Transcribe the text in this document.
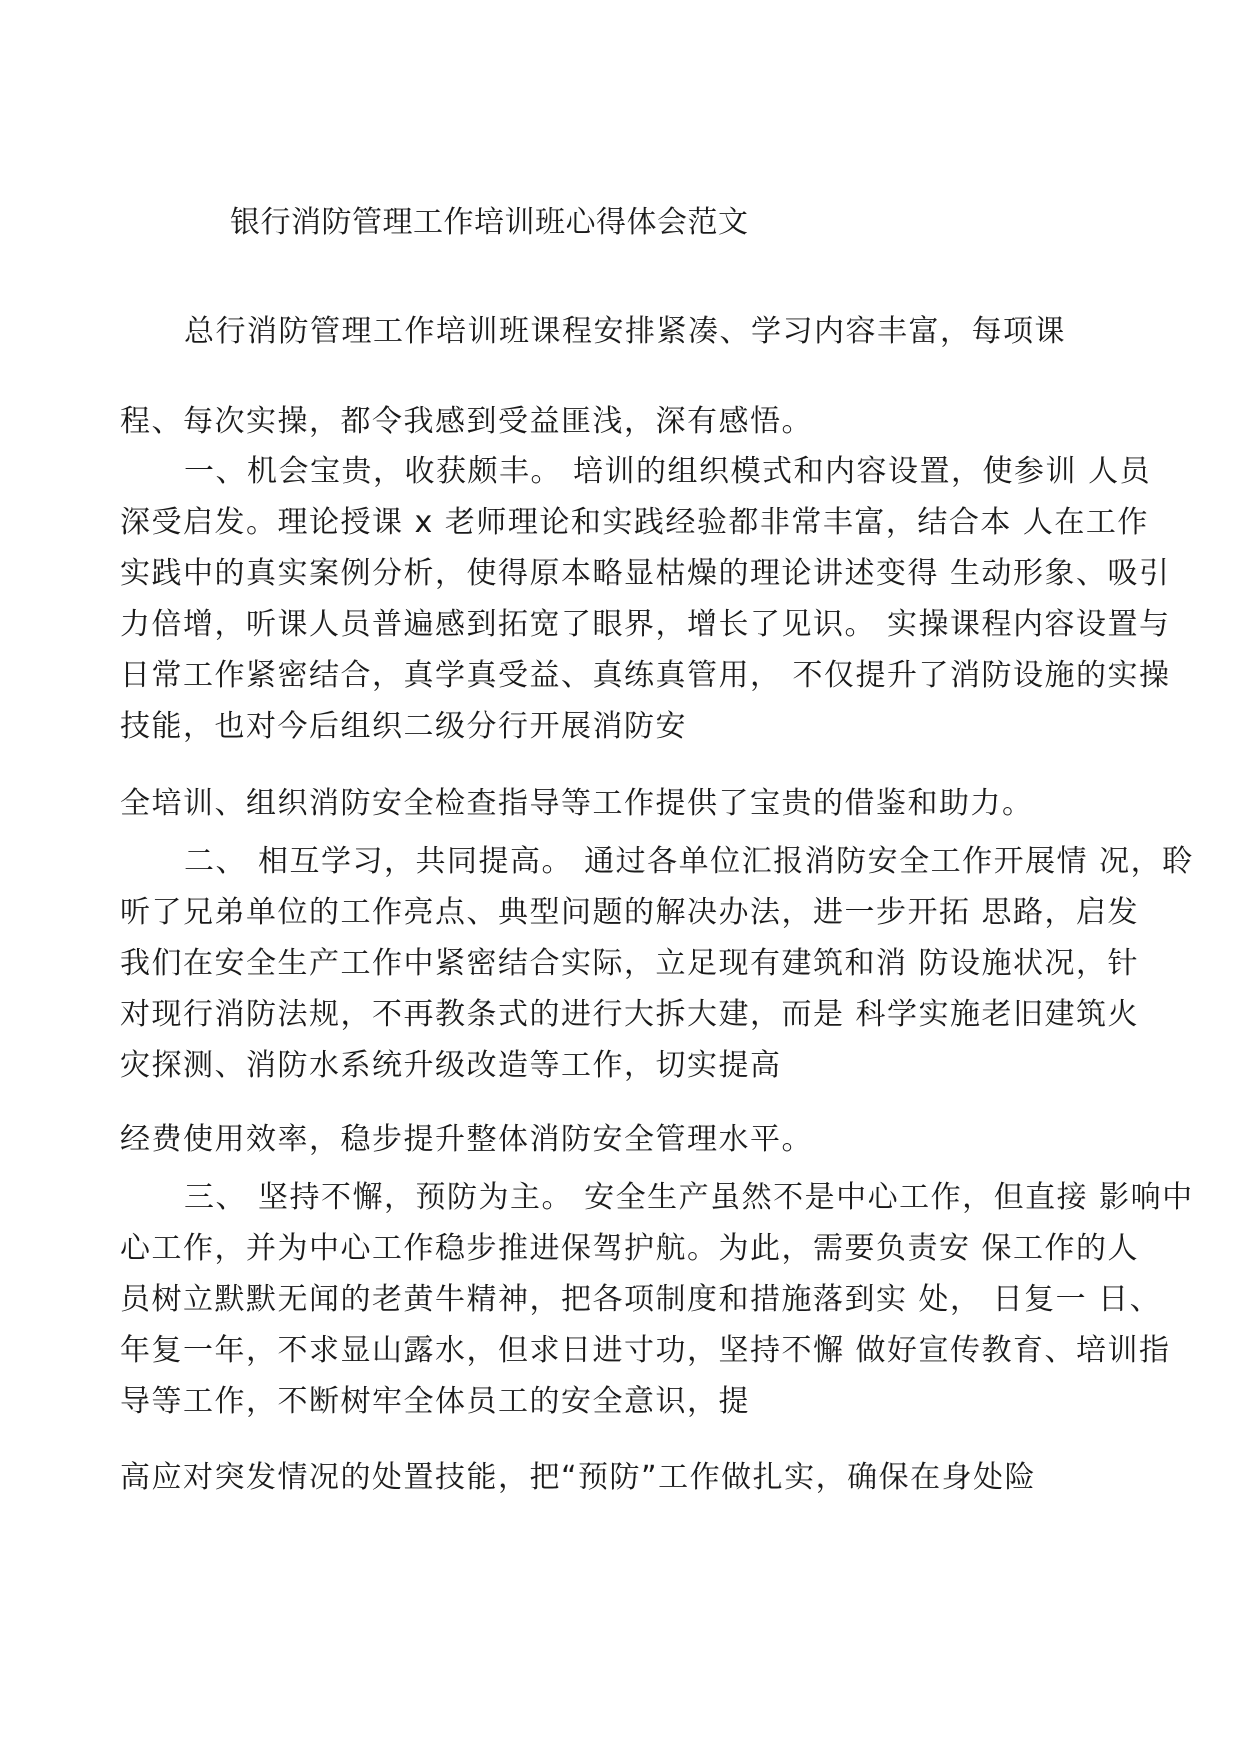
银行消防管理工作培训班心得体会范文
总行消防管理工作培训班课程安排紧凑、学习内容丰富，每项课
程、每次实操，都令我感到受益匪浅，深有感悟。
一、机会宝贵，收获颇丰。 培训的组织模式和内容设置，使参训 人员
深受启发。理论授课 x 老师理论和实践经验都非常丰富，结合本 人在工作
实践中的真实案例分析，使得原本略显枯燥的理论讲述变得 生动形象、吸引
力倍增，听课人员普遍感到拓宽了眼界，增长了见识。 实操课程内容设置与
日常工作紧密结合，真学真受益、真练真管用， 不仅提升了消防设施的实操
技能，也对今后组织二级分行开展消防安
全培训、组织消防安全检查指导等工作提供了宝贵的借鉴和助力。
二、 相互学习，共同提高。 通过各单位汇报消防安全工作开展情 况，聆
听了兄弟单位的工作亮点、典型问题的解决办法，进一步开拓 思路，启发
我们在安全生产工作中紧密结合实际，立足现有建筑和消 防设施状况，针
对现行消防法规，不再教条式的进行大拆大建，而是 科学实施老旧建筑火
灾探测、消防水系统升级改造等工作，切实提高
经费使用效率，稳步提升整体消防安全管理水平。
三、 坚持不懈，预防为主。 安全生产虽然不是中心工作，但直接 影响中
心工作，并为中心工作稳步推进保驾护航。为此，需要负责安 保工作的人
员树立默默无闻的老黄牛精神，把各项制度和措施落到实 处， 日复一 日、
年复一年，不求显山露水，但求日进寸功，坚持不懈 做好宣传教育、培训指
导等工作，不断树牢全体员工的安全意识，提
高应对突发情况的处置技能，把“预防”工作做扎实，确保在身处险
